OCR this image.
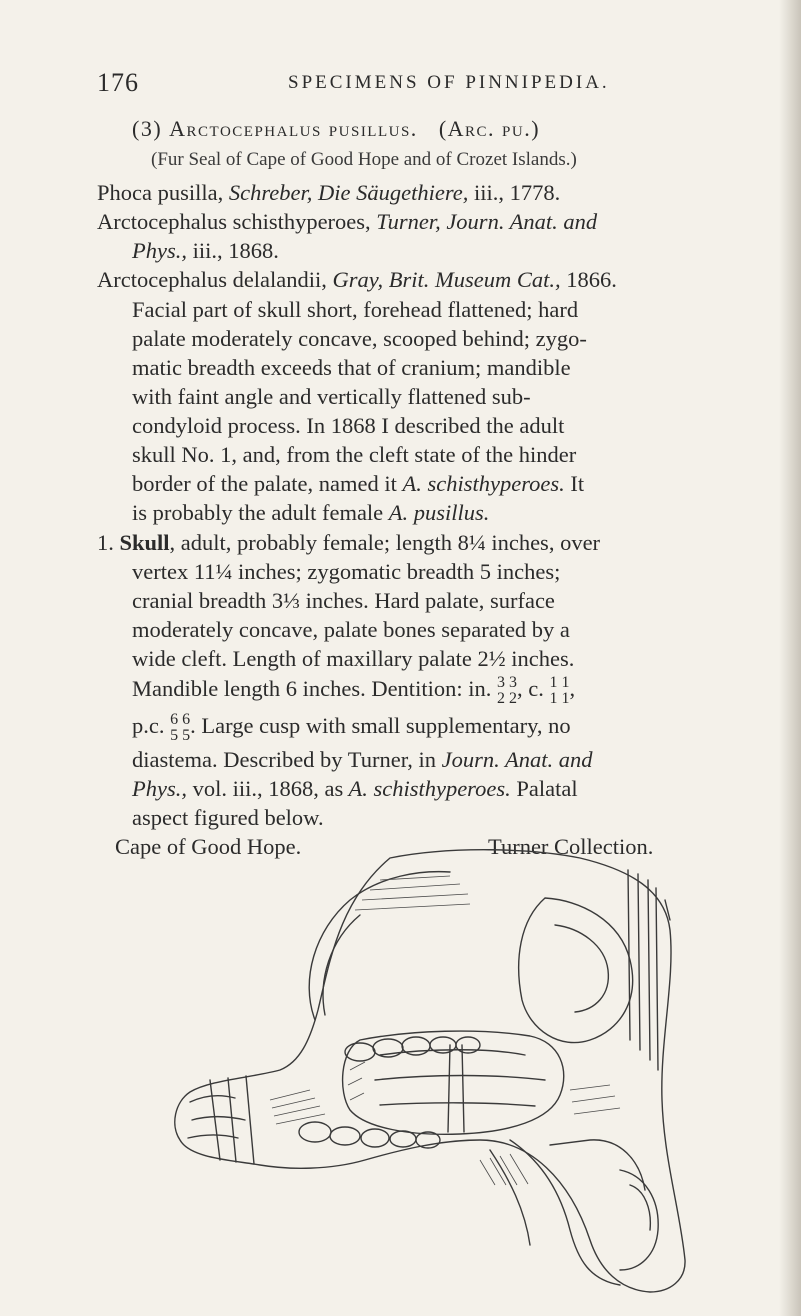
176	SPECIMENS OF PINNIPEDIA.
(3) Arctocephalus pusillus. (Arc. pu.)
(Fur Seal of Cape of Good Hope and of Crozet Islands.)
Phoca pusilla, Schreber, Die Säugethiere, iii., 1778.
Arctocephalus schisthyperoes, Turner, Journ. Anat. and
Phys., iii., 1868.
Arctocephalus delalandii, Gray, Brit. Museum Cat., 1866.
Facial part of skull short, forehead flattened; hard
palate moderately concave, scooped behind; zygo-
matic breadth exceeds that of cranium; mandible
with faint angle and vertically flattened sub-
condyloid process. In 1868 I described the adult
skull No. 1, and, from the cleft state of the hinder
border of the palate, named it A. schisthyperoes. It
is probably the adult female A. pusillus.
1. Skull, adult, probably female; length 8¼ inches, over
vertex 11¼ inches; zygomatic breadth 5 inches;
cranial breadth 3⅓ inches. Hard palate, surface
moderately concave, palate bones separated by a
wide cleft. Length of maxillary palate 2½ inches.
Mandible length 6 inches. Dentition: in. 3 3
2 2 , c. 1 1
1 1 ,
p.c. 6 6
5 5 . Large cusp with small supplementary, no
diastema. Described by Turner, in Journ. Anat. and
Phys., vol. iii., 1868, as A. schisthyperoes. Palatal
aspect figured below.
Cape of Good Hope.	Turner Collection.
